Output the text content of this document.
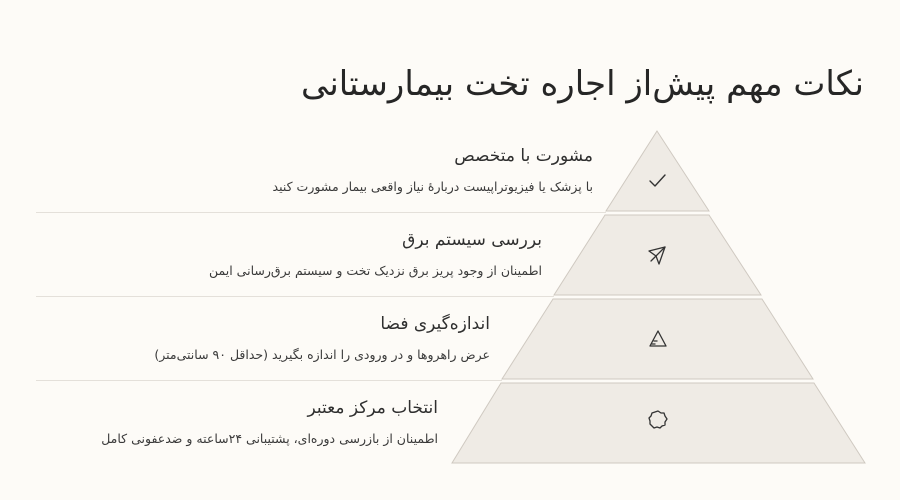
نکات مهم پیش‌از اجاره تخت بیمارستانی
مشورت با متخصص
با پزشک یا فیزیوتراپیست دربارهٔ نیاز واقعی بیمار مشورت کنید
بررسی سیستم برق
اطمینان از وجود پریز برق نزدیک تخت و سیستم برق‌رسانی ایمن
اندازه‌گیری فضا
عرض راهروها و در ورودی را اندازه بگیرید (حداقل ۹۰ سانتی‌متر)
انتخاب مرکز معتبر
اطمینان از بازرسی دوره‌ای، پشتیبانی ۲۴ساعته و ضدعفونی کامل
